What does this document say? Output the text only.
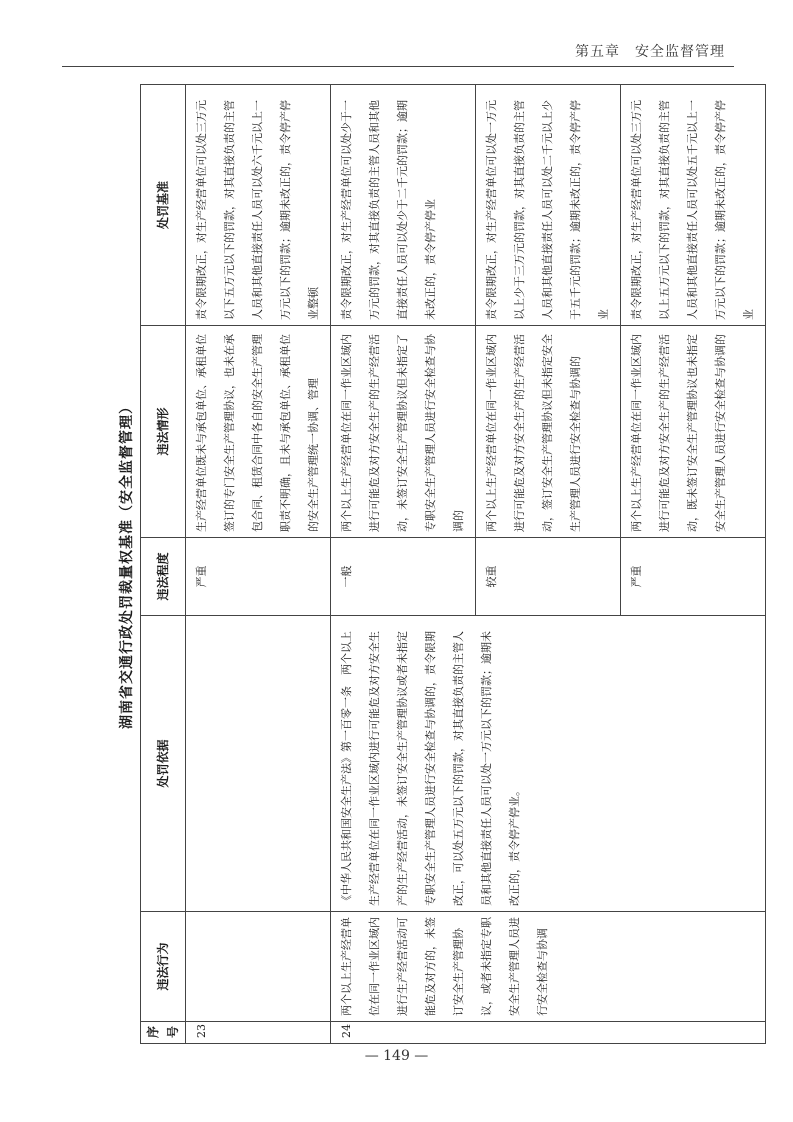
第五章　安全监督管理
湖南省交通行政处罚裁量权基准（安全监督管理）
序号	违法行为	处罚依据	违法程度	违法情形	处罚基准
23			严重	生产经营单位既未与承包单位、承租单位签订的专门安全生产管理协议，也未在承包合同、租赁合同中各自的安全生产管理职责不明确，且未与承包单位、承租单位的安全生产管理统一协调、管理	责令限期改正，对生产经营单位可以处三万元以下五万元以下的罚款，对其直接负责的主管人员和其他直接责任人员可以处六千元以上一万元以下的罚款；逾期未改正的，责令停产停业整顿
24	两个以上生产经营单位在同一作业区域内进行生产经营活动可能危及对方的，未签订安全生产管理协议，或者未指定专职安全生产管理人员进行安全检查与协调	《中华人民共和国安全生产法》第一百零一条　两个以上生产经营单位在同一作业区域内进行可能危及对方安全生产的生产经营活动，未签订安全生产管理协议或者未指定专职安全生产管理人员进行安全检查与协调的，责令限期改正，可以处五万元以下的罚款，对其直接负责的主管人员和其他直接责任人员可以处一万元以下的罚款；逾期未改正的，责令停产停业。	一般	两个以上生产经营单位在同一作业区域内进行可能危及对方安全生产的生产经营活动，未签订安全生产管理协议但未指定了专职安全生产管理人员进行安全检查与协调的	责令限期改正，对生产经营单位可以处少于一万元的罚款，对其直接负责的主管人员和其他直接责任人员可以处少于二千元的罚款；逾期未改正的，责令停产停业
			较重	两个以上生产经营单位在同一作业区域内进行可能危及对方安全生产的生产经营活动，签订安全生产管理协议但未指定安全生产管理人员进行安全检查与协调的	责令限期改正，对生产经营单位可以处一万元以上少于三万元的罚款，对其直接负责的主管人员和其他直接责任人员可以处二千元以上少于五千元的罚款；逾期未改正的，责令停产停业
			严重	两个以上生产经营单位在同一作业区域内进行可能危及对方安全生产的生产经营活动，既未签订安全生产管理协议也未指定安全生产管理人员进行安全检查与协调的	责令限期改正，对生产经营单位可以处三万元以上五万元以下的罚款，对其直接负责的主管人员和其他直接责任人员可以处五千元以上一万元以下的罚款；逾期未改正的，责令停产停业
— 149 —
